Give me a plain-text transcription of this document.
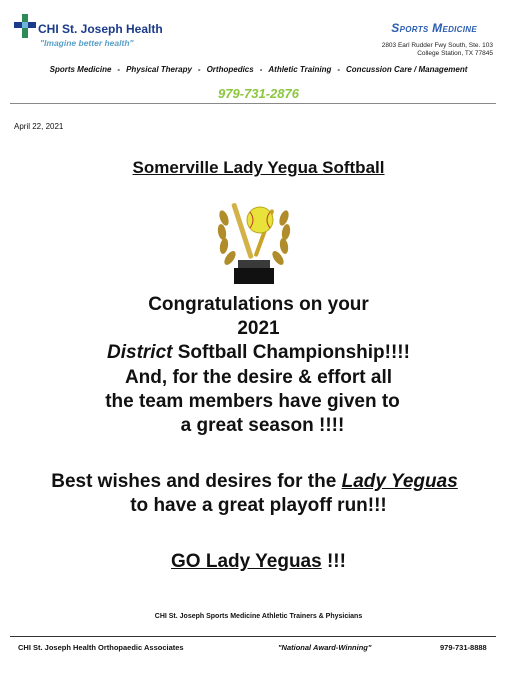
CHI St. Joseph Health
"Imagine better health"
Sports Medicine
2803 Earl Rudder Fwy South, Ste. 103
College Station, TX 77845
Sports Medicine - Physical Therapy - Orthopedics - Athletic Training - Concussion Care / Management
979-731-2876
April 22, 2021
Somerville Lady Yegua Softball
Congratulations on your
2021
District Softball Championship!!!!
And, for the desire & effort all
the team members have given to
a great season !!!!
Best wishes and desires for the Lady Yeguas
to have a great playoff run!!!
GO Lady Yeguas !!!
CHI St. Joseph Sports Medicine Athletic Trainers & Physicians
CHI St. Joseph Health Orthopaedic Associates	"National Award-Winning"	979-731-8888
